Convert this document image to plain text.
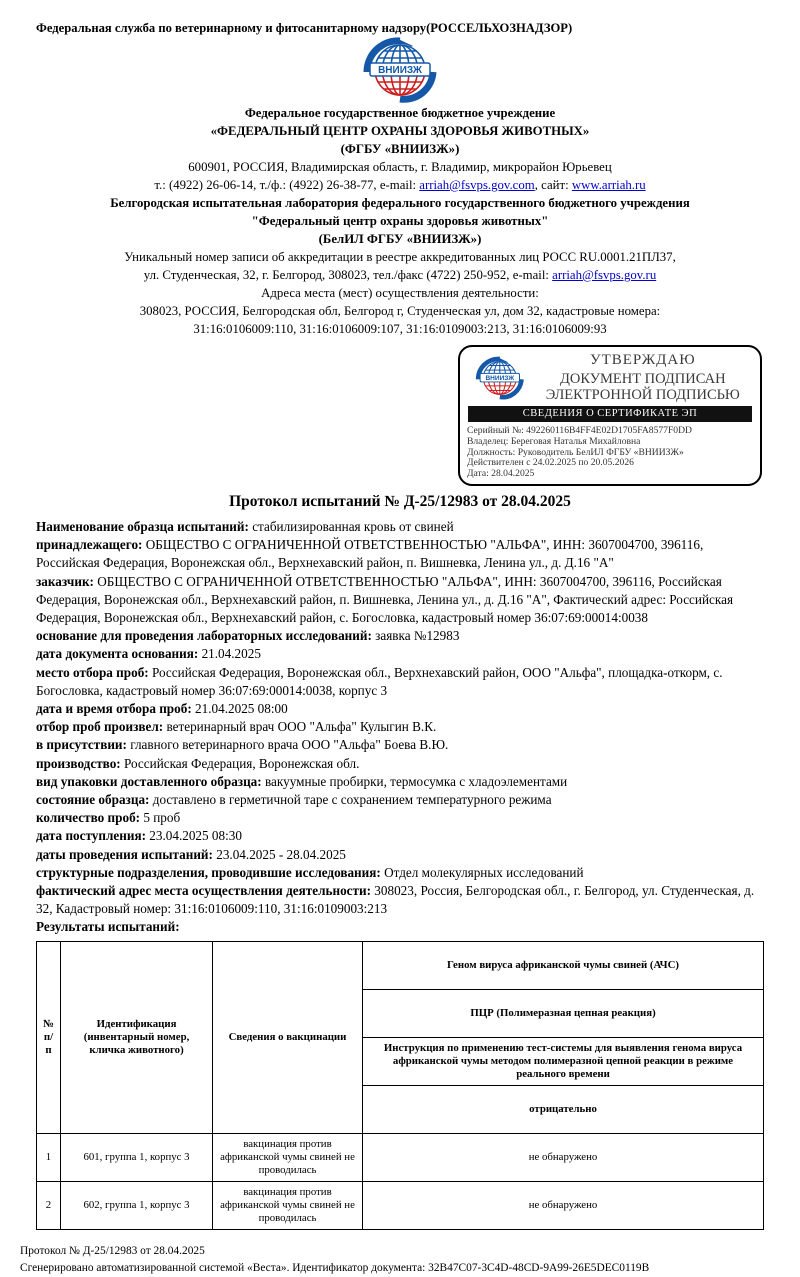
Федеральная служба по ветеринарному и фитосанитарному надзору(РОССЕЛЬХОЗНАДЗОР)

ВНИИЗЖ

Федеральное государственное бюджетное учреждение

«ФЕДЕРАЛЬНЫЙ ЦЕНТР ОХРАНЫ ЗДОРОВЬЯ ЖИВОТНЫХ»

(ФГБУ «ВНИИЗЖ»)

600901, РОССИЯ, Владимирская область, г. Владимир, микрорайон Юрьевец

т.: (4922) 26-06-14, т./ф.: (4922) 26-38-77, e-mail: arriah@fsvps.gov.com, сайт: www.arriah.ru

Белгородская испытательная лаборатория федерального государственного бюджетного учреждения

"Федеральный центр охраны здоровья животных"

(БелИЛ ФГБУ «ВНИИЗЖ»)

Уникальный номер записи об аккредитации в реестре аккредитованных лиц РОСС RU.0001.21ПЛ37,

ул. Студенческая, 32, г. Белгород, 308023, тел./факс (4722) 250-952, e-mail: arriah@fsvps.gov.ru

Адреса места (мест) осуществления деятельности:

308023, РОССИЯ, Белгородская обл, Белгород г, Студенческая ул, дом 32, кадастровые номера:

31:16:0106009:110, 31:16:0106009:107, 31:16:0109003:213, 31:16:0106009:93

ВНИИЗЖ

УТВЕРЖДАЮ

ДОКУМЕНТ ПОДПИСАН

ЭЛЕКТРОННОЙ ПОДПИСЬЮ

СВЕДЕНИЯ О СЕРТИФИКАТЕ ЭП

Серийный №: 492260116B4FF4E02D1705FA8577F0DD

Владелец: Береговая Наталья Михайловна

Должность: Руководитель БелИЛ ФГБУ «ВНИИЗЖ»

Действителен с 24.02.2025 по 20.05.2026

Дата: 28.04.2025

Протокол испытаний № Д-25/12983 от 28.04.2025

Наименование образца испытаний: стабилизированная кровь от свиней

принадлежащего: ОБЩЕСТВО С ОГРАНИЧЕННОЙ ОТВЕТСТВЕННОСТЬЮ "АЛЬФА", ИНН: 3607004700, 396116, Российская Федерация, Воронежская обл., Верхнехавский район, п. Вишневка, Ленина ул., д. Д.16 "А"

заказчик: ОБЩЕСТВО С ОГРАНИЧЕННОЙ ОТВЕТСТВЕННОСТЬЮ "АЛЬФА", ИНН: 3607004700, 396116, Российская Федерация, Воронежская обл., Верхнехавский район, п. Вишневка, Ленина ул., д. Д.16 "А", Фактический адрес: Российская Федерация, Воронежская обл., Верхнехавский район, с. Богословка, кадастровый номер 36:07:69:00014:0038

основание для проведения лабораторных исследований: заявка №12983

дата документа основания: 21.04.2025

место отбора проб: Российская Федерация, Воронежская обл., Верхнехавский район, ООО "Альфа", площадка-откорм, с. Богословка, кадастровый номер 36:07:69:00014:0038, корпус 3

дата и время отбора проб: 21.04.2025 08:00

отбор проб произвел: ветеринарный врач ООО "Альфа" Кулыгин В.К.

в присутствии: главного ветеринарного врача ООО "Альфа" Боева В.Ю.

производство: Российская Федерация, Воронежская обл.

вид упаковки доставленного образца: вакуумные пробирки, термосумка с хладоэлементами

состояние образца: доставлено в герметичной таре с сохранением температурного режима

количество проб: 5 проб

дата поступления: 23.04.2025 08:30

даты проведения испытаний: 23.04.2025 - 28.04.2025

структурные подразделения, проводившие исследования: Отдел молекулярных исследований

фактический адрес места осуществления деятельности: 308023, Россия, Белгородская обл., г. Белгород, ул. Студенческая, д. 32, Кадастровый номер: 31:16:0106009:110, 31:16:0109003:213

Результаты испытаний:

№ п/п	Идентификация (инвентарный номер, кличка животного)	Сведения о вакцинации	Геном вируса африканской чумы свиней (АЧС)
			ПЦР (Полимеразная цепная реакция)
			Инструкция по применению тест-системы для выявления генома вируса африканской чумы методом полимеразной цепной реакции в режиме реального времени
			отрицательно
1	601, группа 1, корпус 3	вакцинация против африканской чумы свиней не проводилась	не обнаружено
2	602, группа 1, корпус 3	вакцинация против африканской чумы свиней не проводилась	не обнаружено

Протокол № Д-25/12983 от 28.04.2025

Сгенерировано автоматизированной системой «Веста». Идентификатор документа: 32B47C07-3C4D-48CD-9A99-26E5DEC0119B
